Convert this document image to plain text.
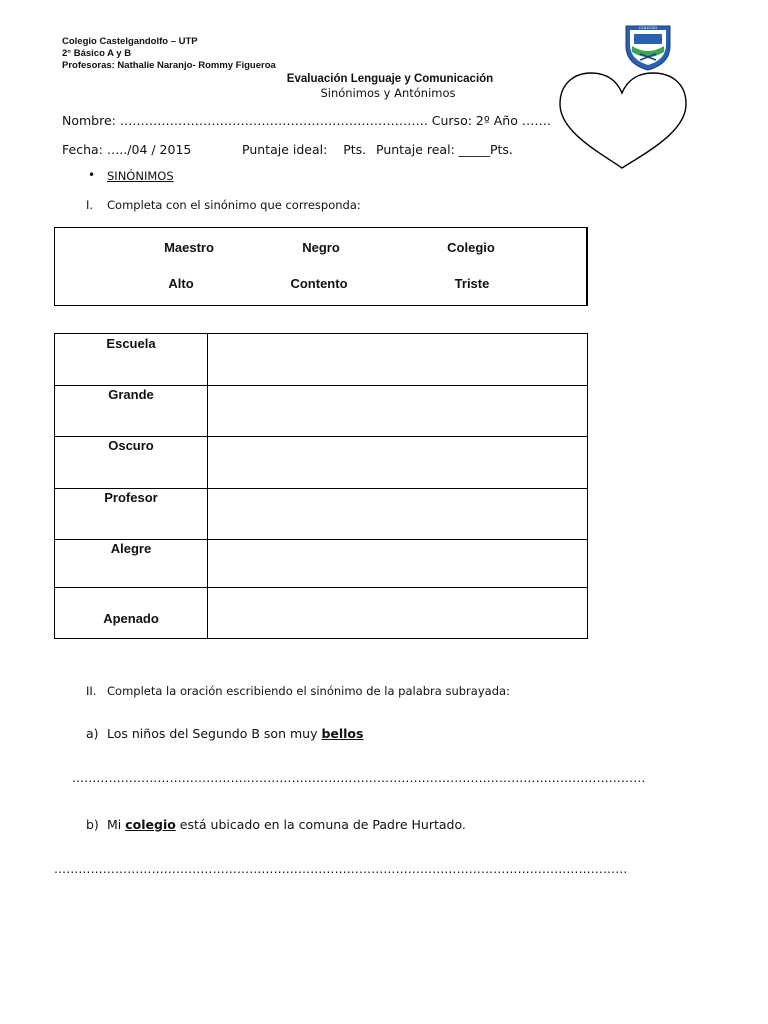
Colegio Castelgandolfo – UTP
2° Básico A y B
Profesoras: Nathalie Naranjo- Rommy Figueroa
COLEGIO
Evaluación Lenguaje y Comunicación
Sinónimos y Antónimos
Nombre: ….……………………………………………………………. Curso: 2º Año …….
Fecha: …../04 / 2015	Puntaje ideal:    Pts. Puntaje real: _____Pts.
• SINÓNIMOS
I. Completa con el sinónimo que corresponda:
Maestro	Negro	Colegio
Alto	Contento	Triste
Escuela	
Grande	
Oscuro	
Profesor	
Alegre	
Apenado	
II. Completa la oración escribiendo el sinónimo de la palabra subrayada:
a) Los niños del Segundo B son muy bellos
……………………………………………………………………………………………………………………………
b) Mi colegio está ubicado en la comuna de Padre Hurtado.
……………………………………………………………………………………………………………………………
